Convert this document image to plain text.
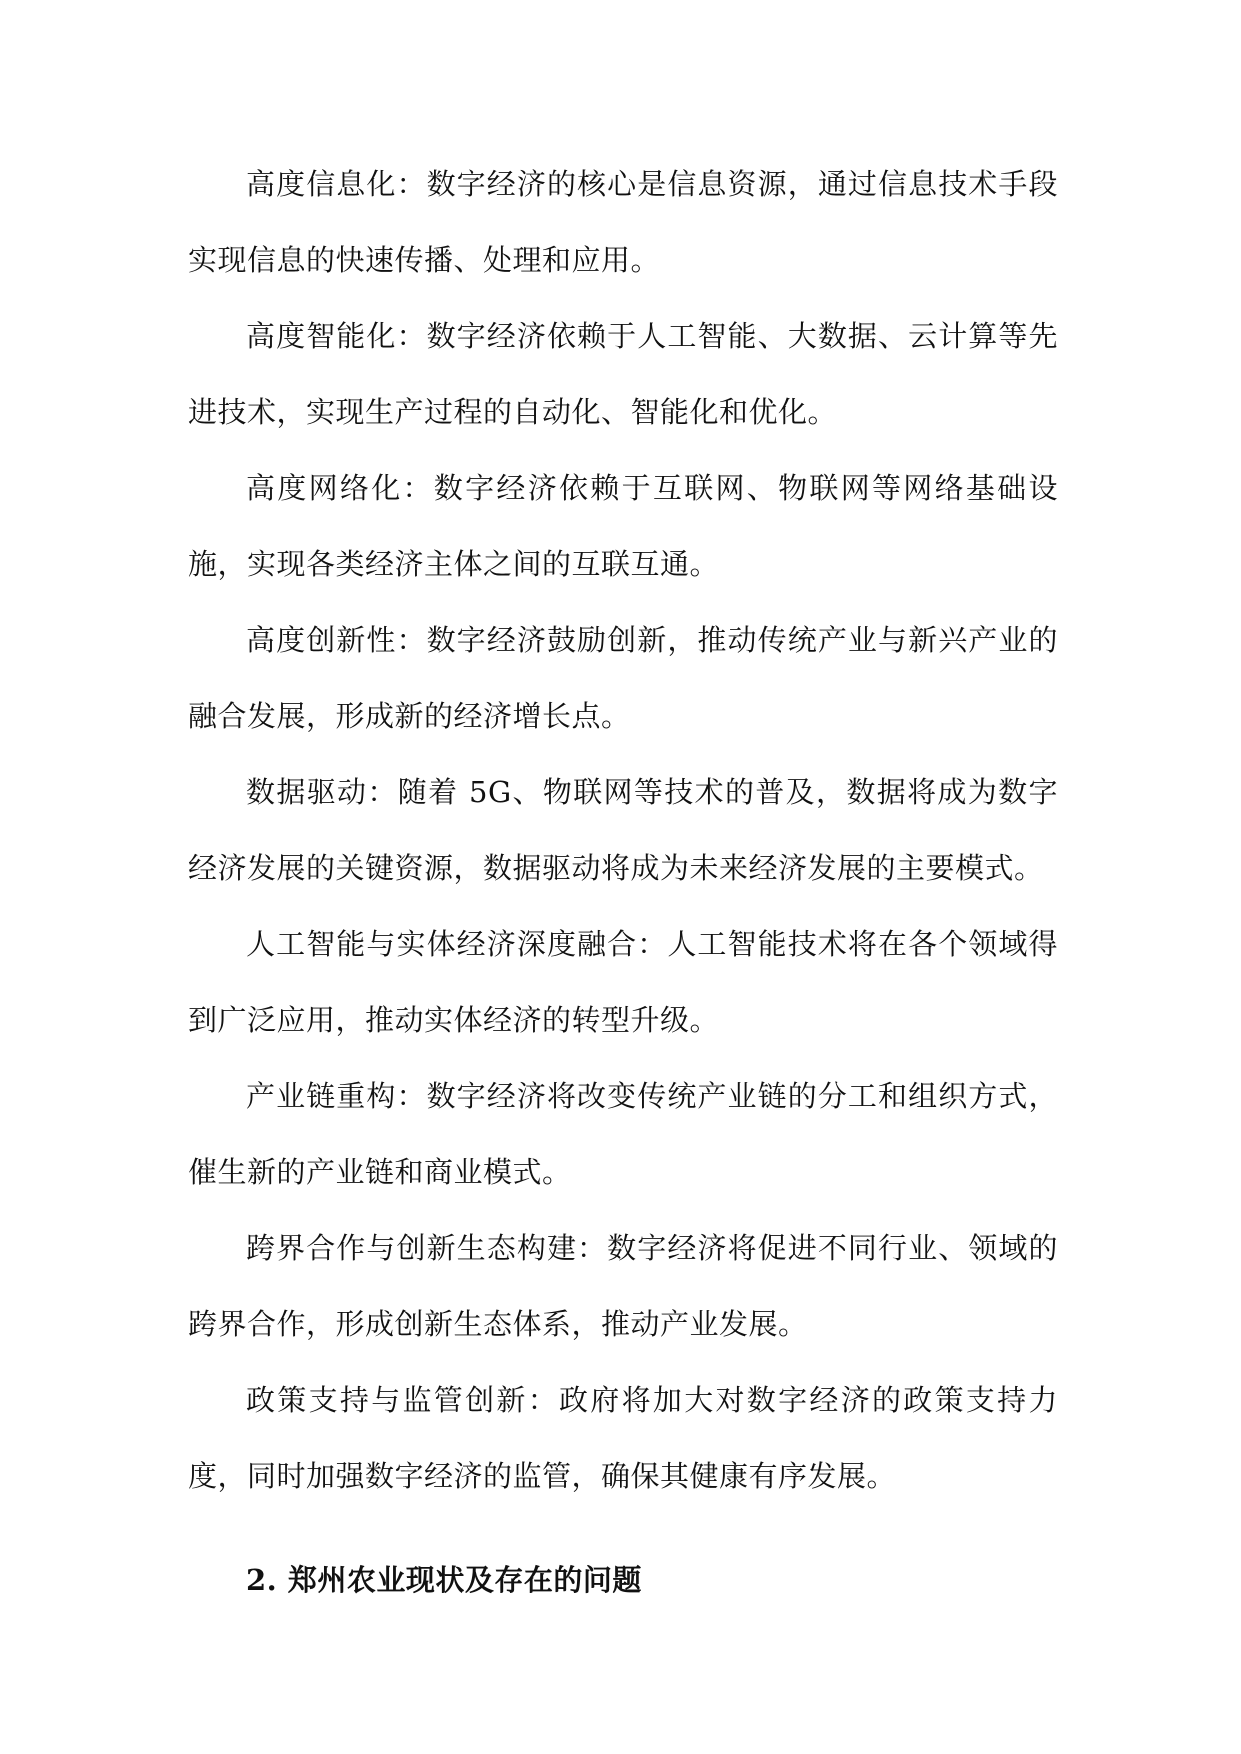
高度信息化：数字经济的核心是信息资源，通过信息技术手段实现信息的快速传播、处理和应用。

高度智能化：数字经济依赖于人工智能、大数据、云计算等先进技术，实现生产过程的自动化、智能化和优化。

高度网络化：数字经济依赖于互联网、物联网等网络基础设施，实现各类经济主体之间的互联互通。

高度创新性：数字经济鼓励创新，推动传统产业与新兴产业的融合发展，形成新的经济增长点。

数据驱动：随着 5G、物联网等技术的普及，数据将成为数字经济发展的关键资源，数据驱动将成为未来经济发展的主要模式。

人工智能与实体经济深度融合：人工智能技术将在各个领域得到广泛应用，推动实体经济的转型升级。

产业链重构：数字经济将改变传统产业链的分工和组织方式，催生新的产业链和商业模式。

跨界合作与创新生态构建：数字经济将促进不同行业、领域的跨界合作，形成创新生态体系，推动产业发展。

政策支持与监管创新：政府将加大对数字经济的政策支持力度，同时加强数字经济的监管，确保其健康有序发展。

2. 郑州农业现状及存在的问题
